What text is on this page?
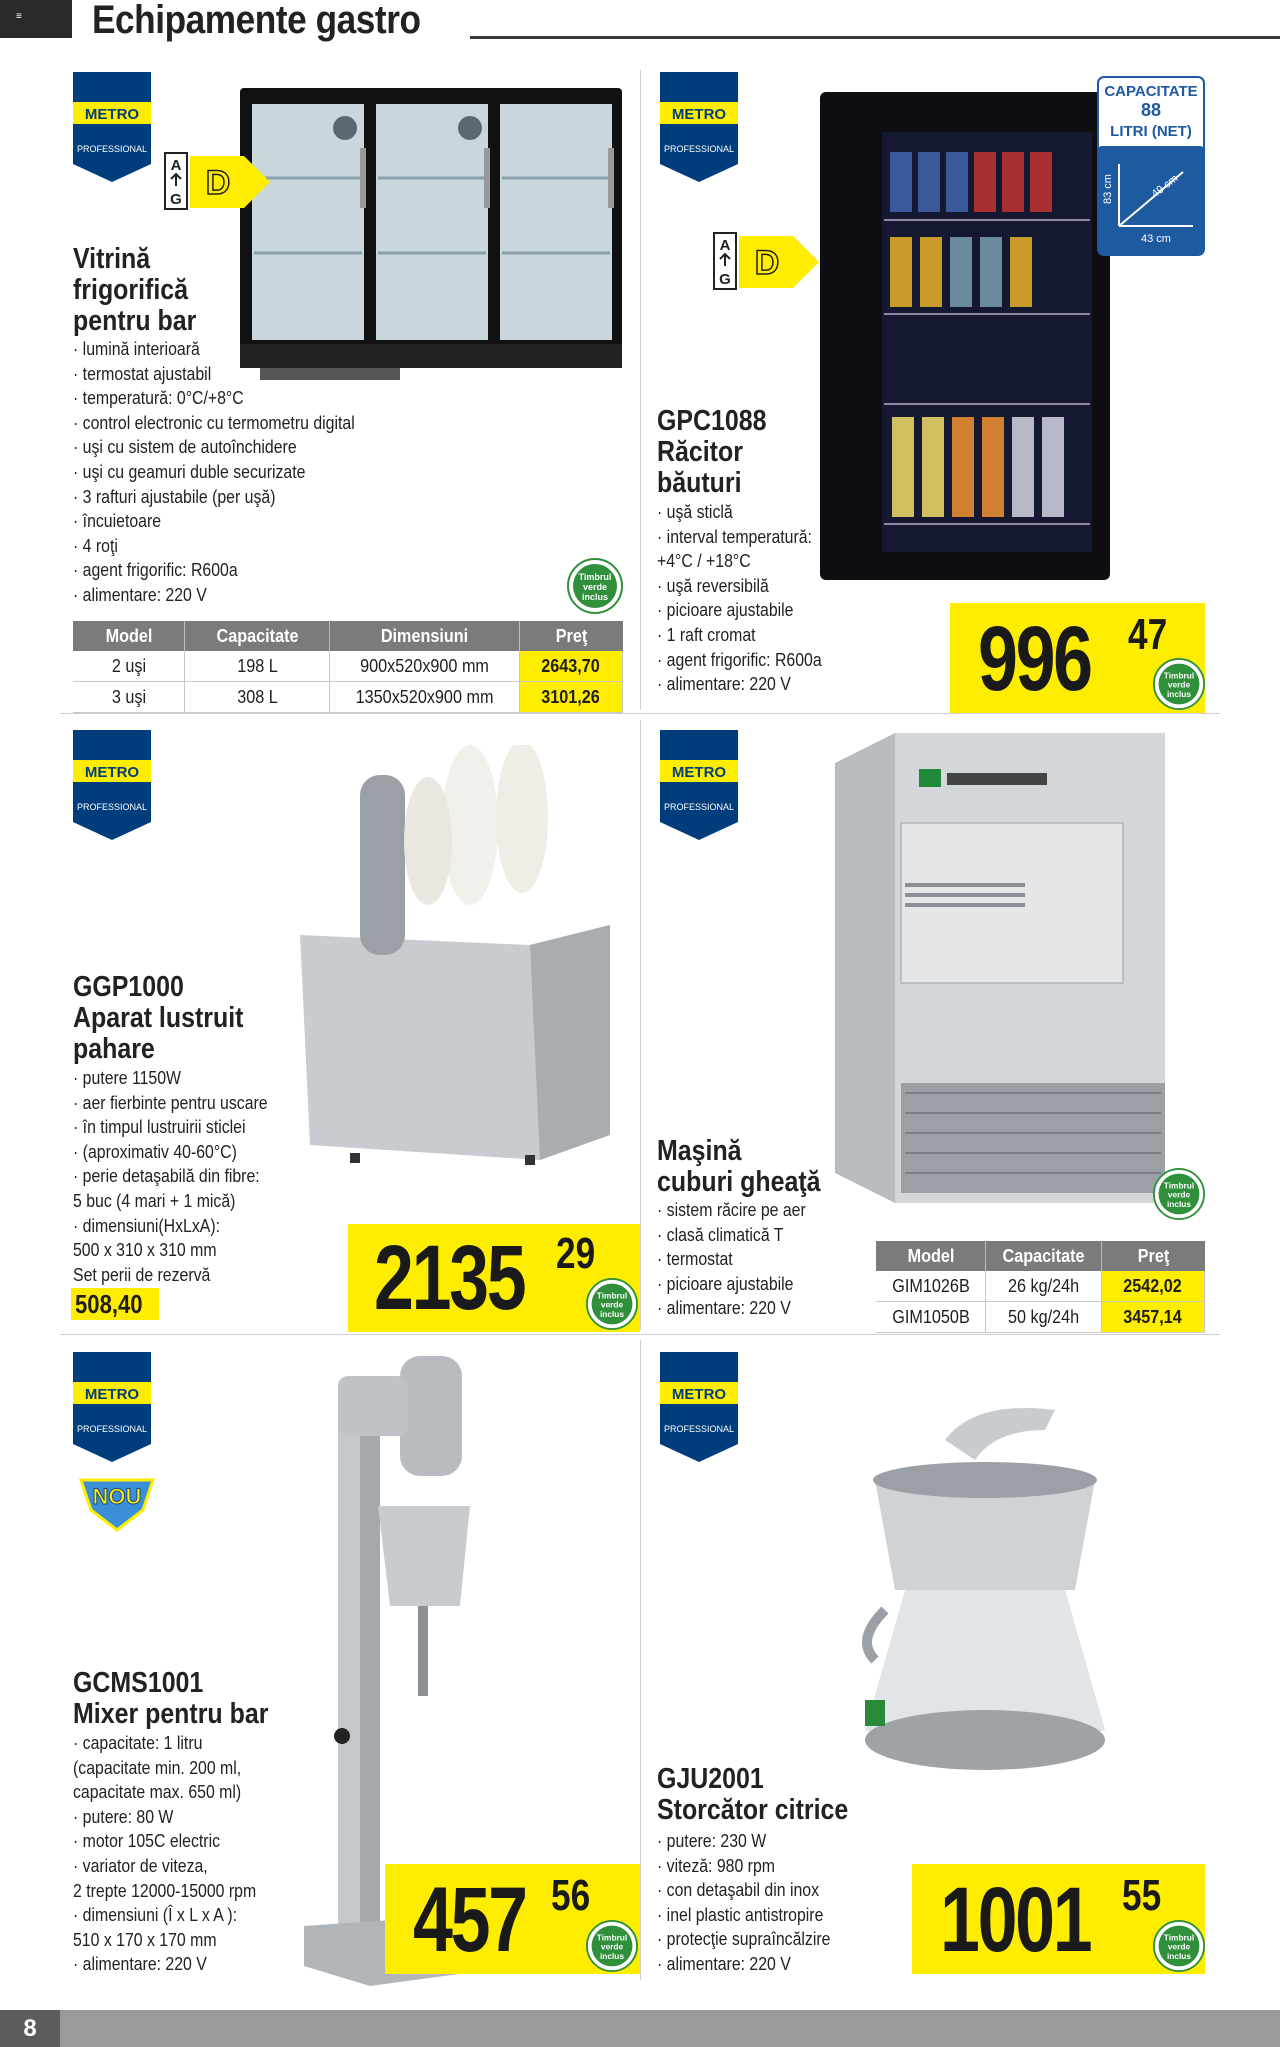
≡ Echipamente gastro
METRO
PROFESSIONAL
A
G D
Vitrină
frigorifică
pentru bar
· lumină interioară
· termostat ajustabil
· temperatură: 0°C/+8°C
· control electronic cu termometru digital
· uşi cu sistem de autoînchidere
· uşi cu geamuri duble securizate
· 3 rafturi ajustabile (per uşă)
· încuietoare
· 4 roţi
· agent frigorific: R600a
· alimentare: 220 V
Timbrul
verde
inclus
Model	Capacitate	Dimensiuni	Preţ
2 uşi	198 L	900x520x900 mm	2643,70
3 uşi	308 L	1350x520x900 mm	3101,26
METRO
PROFESSIONAL
CAPACITATE
88
LITRI (NET)
83 cm	49 cm
43 cm
A
G D
GPC1088
Răcitor
băuturi
· uşă sticlă
· interval temperatură:
+4°C / +18°C
· uşă reversibilă
· picioare ajustabile
· 1 raft cromat
· agent frigorific: R600a
· alimentare: 220 V	996 47
Timbrul
verde
inclus
METRO
PROFESSIONAL
GGP1000
Aparat lustruit
pahare
· putere 1150W
· aer fierbinte pentru uscare
· în timpul lustruirii sticlei
· (aproximativ 40-60°C)
· perie detaşabilă din fibre:
5 buc (4 mari + 1 mică)
· dimensiuni(HxLxA):
500 x 310 x 310 mm
Set perii de rezervă
508,40	2135 29
Timbrul
verde
inclus
METRO
PROFESSIONAL
Maşină
cuburi gheaţă
· sistem răcire pe aer
· clasă climatică T
· termostat
· picioare ajustabile
· alimentare: 220 V
Timbrul
verde
inclus
Model	Capacitate	Preţ
GIM1026B	26 kg/24h	2542,02
GIM1050B	50 kg/24h	3457,14
METRO
PROFESSIONAL
NOU
GCMS1001
Mixer pentru bar
· capacitate: 1 litru
(capacitate min. 200 ml,
capacitate max. 650 ml)
· putere: 80 W
· motor 105C electric
· variator de viteza,
2 trepte 12000-15000 rpm
· dimensiuni (Î x L x A ):
510 x 170 x 170 mm
· alimentare: 220 V	457 56
Timbrul
verde
inclus
METRO
PROFESSIONAL
GJU2001
Storcător citrice
· putere: 230 W
· viteză: 980 rpm
· con detaşabil din inox
· inel plastic antistropire
· protecţie supraîncălzire
· alimentare: 220 V	1001 55
Timbrul
verde
inclus
8
